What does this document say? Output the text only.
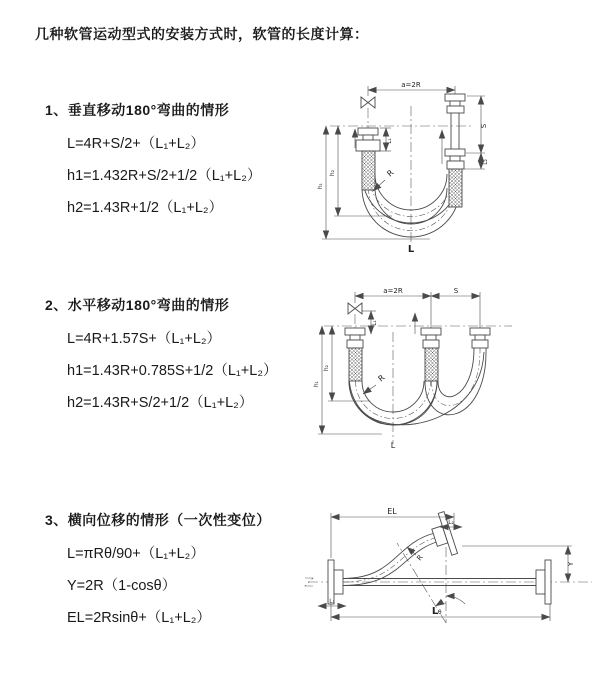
几种软管运动型式的安装方式时，软管的长度计算：
1、垂直移动180°弯曲的情形

L=4R+S/2+（L₁+L₂）

h1=1.432R+S/2+1/2（L₁+L₂）

h2=1.43R+1/2（L₁+L₂）

a=2R
L₁
S
L₂
h₁
h₂	R
L
2、水平移动180°弯曲的情形

L=4R+1.57S+（L₁+L₂）

h1=1.43R+0.785S+1/2（L₁+L₂）

h2=1.43R+S/2+1/2（L₁+L₂）

a=2R	S
L₁
h₁
h₂
R
L
3、横向位移的情形（一次性变位）

L=πRθ/90+（L₁+L₂）

Y=2R（1-cosθ）

EL=2Rsinθ+（L₁+L₂）

EL
L₂
Y
L₁
L
R
θ
